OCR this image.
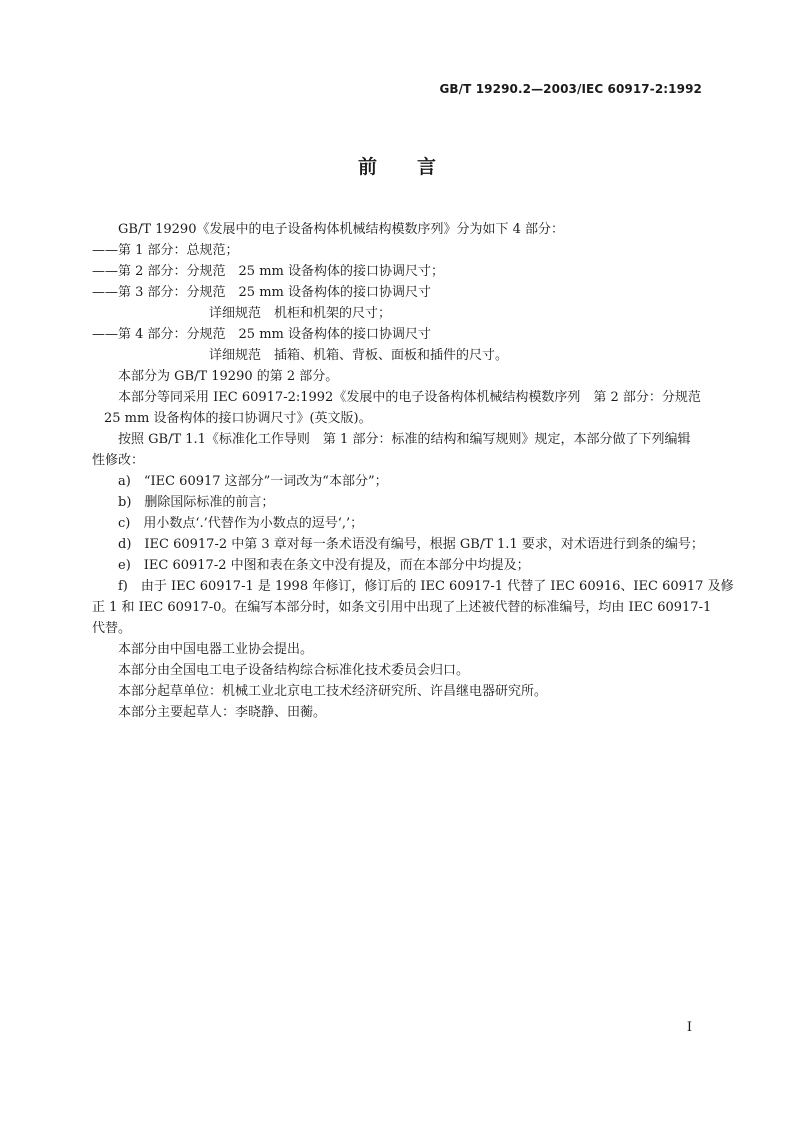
GB/T 19290.2—2003/IEC 60917-2:1992
前言
GB/T 19290《发展中的电子设备构体机械结构模数序列》分为如下 4 部分：
——第 1 部分：总规范；
——第 2 部分：分规范　25 mm 设备构体的接口协调尺寸；
——第 3 部分：分规范　25 mm 设备构体的接口协调尺寸
详细规范　机柜和机架的尺寸；
——第 4 部分：分规范　25 mm 设备构体的接口协调尺寸
详细规范　插箱、机箱、背板、面板和插件的尺寸。
本部分为 GB/T 19290 的第 2 部分。
本部分等同采用 IEC 60917-2:1992《发展中的电子设备构体机械结构模数序列　第 2 部分：分规范
25 mm 设备构体的接口协调尺寸》(英文版)。
按照 GB/T 1.1《标准化工作导则　第 1 部分：标准的结构和编写规则》规定，本部分做了下列编辑
性修改：
a)　“IEC 60917 这部分”一词改为“本部分”；
b)　删除国际标准的前言；
c)　用小数点‘.’代替作为小数点的逗号‘,’；
d)　IEC 60917-2 中第 3 章对每一条术语没有编号，根据 GB/T 1.1 要求，对术语进行到条的编号；
e)　IEC 60917-2 中图和表在条文中没有提及，而在本部分中均提及；
f)　由于 IEC 60917-1 是 1998 年修订，修订后的 IEC 60917-1 代替了 IEC 60916、IEC 60917 及修
正 1 和 IEC 60917-0。在编写本部分时，如条文引用中出现了上述被代替的标准编号，均由 IEC 60917-1
代替。
本部分由中国电器工业协会提出。
本部分由全国电工电子设备结构综合标准化技术委员会归口。
本部分起草单位：机械工业北京电工技术经济研究所、许昌继电器研究所。
本部分主要起草人：李晓静、田蘅。
I
